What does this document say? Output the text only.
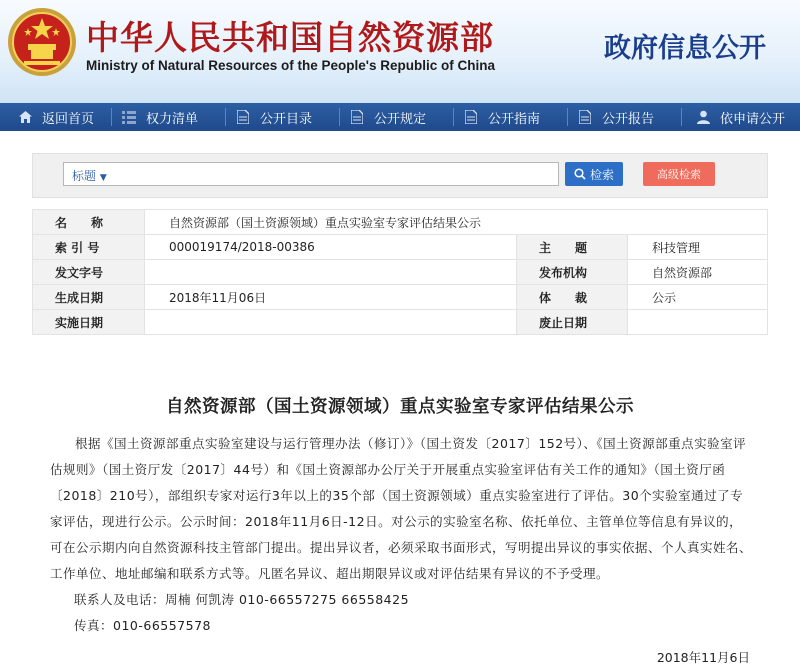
中华人民共和国自然资源部
Ministry of Natural Resources of the People's Republic of China
政府信息公开
返回首页	权力清单	公开目录	公开规定	公开指南	公开报告	依申请公开
标题 ▼	检索	高级检索
名　　称	自然资源部（国土资源领域）重点实验室专家评估结果公示		
索 引 号	000019174/2018-00386	主　　题	科技管理
发文字号		发布机构	自然资源部
生成日期	2018年11月06日	体　　裁	公示
实施日期		废止日期	
自然资源部（国土资源领域）重点实验室专家评估结果公示
根据《国土资源部重点实验室建设与运行管理办法（修订）》（国土资发〔2017〕152号）、《国土资源部重点实验室评估规则》（国土资厅发〔2017〕44号）和《国土资源部办公厅关于开展重点实验室评估有关工作的通知》（国土资厅函〔2018〕210号），部组织专家对运行3年以上的35个部（国土资源领域）重点实验室进行了评估。30个实验室通过了专家评估，现进行公示。公示时间：2018年11月6日-12日。对公示的实验室名称、依托单位、主管单位等信息有异议的，可在公示期内向自然资源科技主管部门提出。提出异议者，必须采取书面形式，写明提出异议的事实依据、个人真实姓名、工作单位、地址邮编和联系方式等。凡匿名异议、超出期限异议或对评估结果有异议的不予受理。
联系人及电话：周楠 何凯涛 010-66557275 66558425
传真：010-66557578
2018年11月6日
